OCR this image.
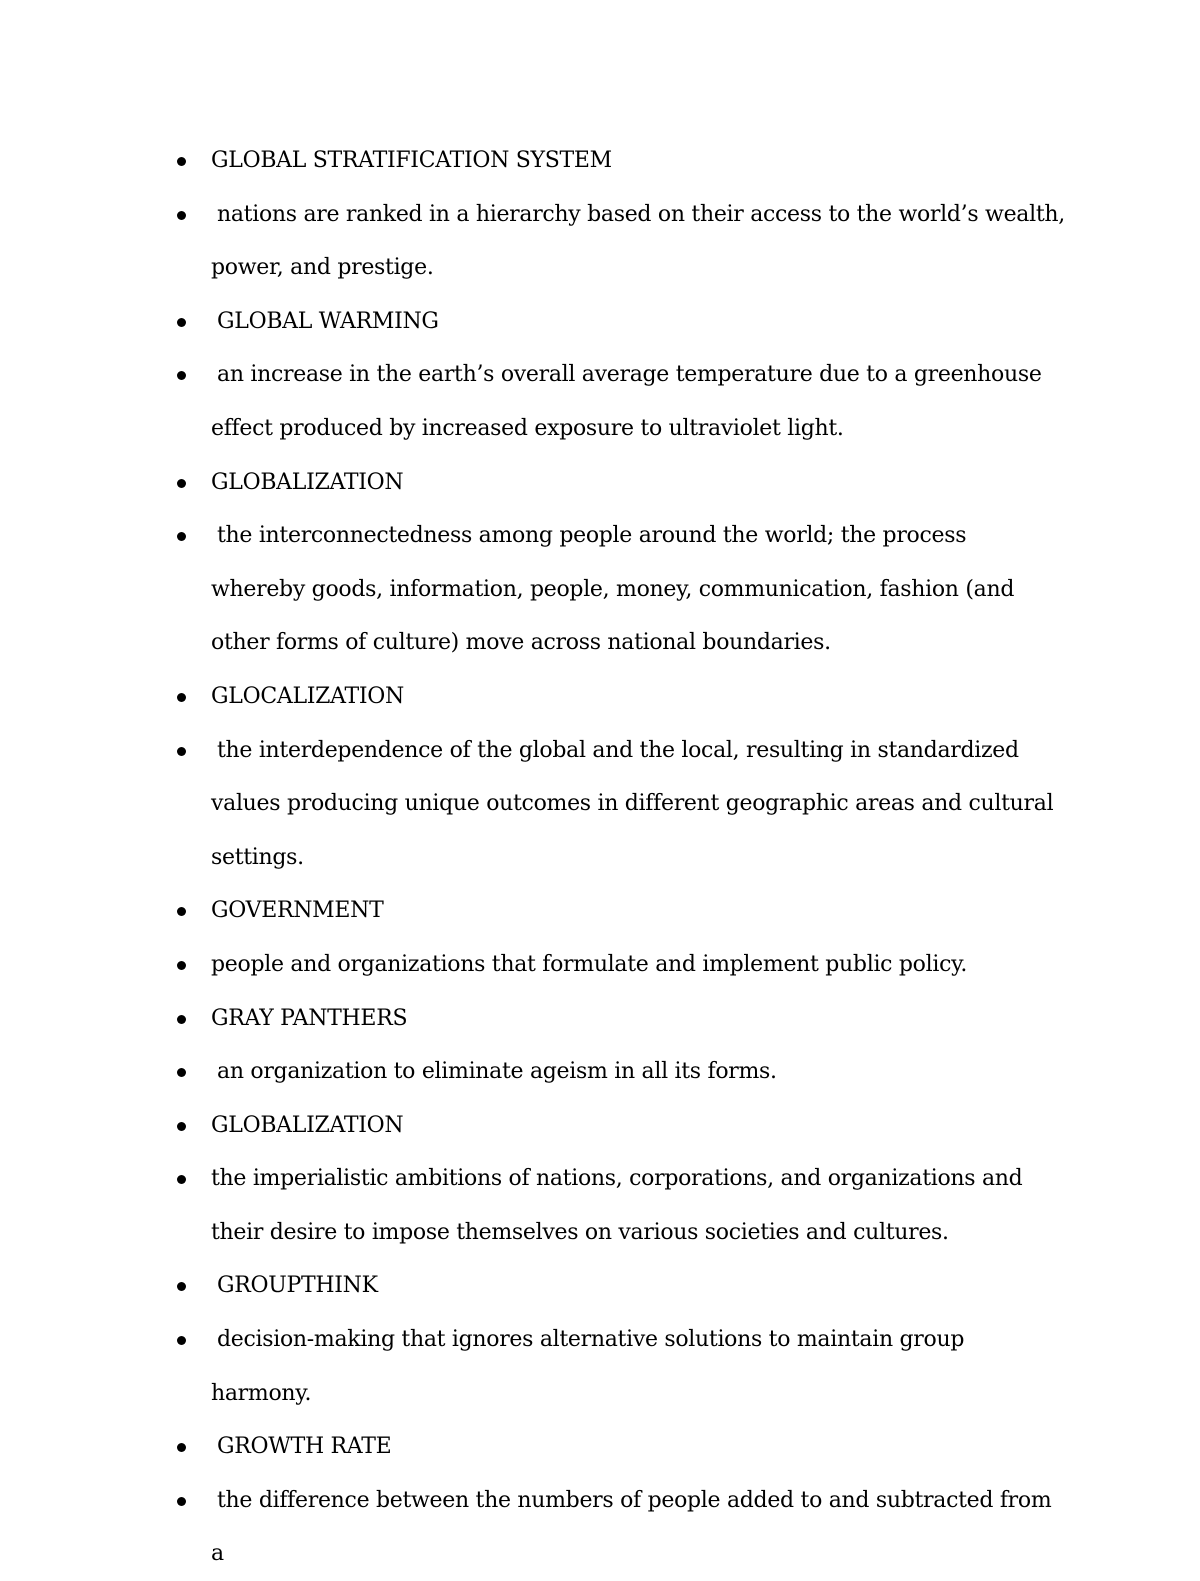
GLOBAL STRATIFICATION SYSTEM
nations are ranked in a hierarchy based on their access to the world’s wealth, power, and prestige.
GLOBAL WARMING
an increase in the earth’s overall average temperature due to a greenhouse effect produced by increased exposure to ultraviolet light.
GLOBALIZATION
the interconnectedness among people around the world; the process whereby goods, information, people, money, communication, fashion (and other forms of culture) move across national boundaries.
GLOCALIZATION
the interdependence of the global and the local, resulting in standardized values producing unique outcomes in different geographic areas and cultural settings.
GOVERNMENT
people and organizations that formulate and implement public policy.
GRAY PANTHERS
an organization to eliminate ageism in all its forms.
GLOBALIZATION
the imperialistic ambitions of nations, corporations, and organizations and their desire to impose themselves on various societies and cultures.
GROUPTHINK
decision-making that ignores alternative solutions to maintain group harmony.
GROWTH RATE
the difference between the numbers of people added to and subtracted from a
